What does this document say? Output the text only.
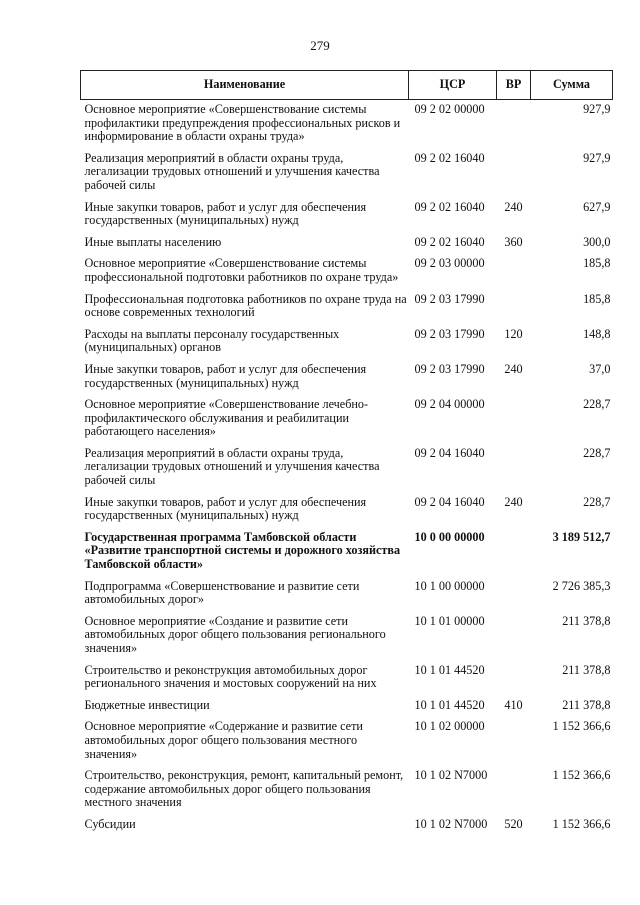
279
Наименование	ЦСР	ВР	Сумма
Основное мероприятие «Совершенствование системы профилактики предупреждения профессиональных рисков и информирование в области охраны труда»	09 2 02 00000		927,9
Реализация мероприятий в области охраны труда, легализации трудовых отношений и улучшения качества рабочей силы	09 2 02 16040		927,9
Иные закупки товаров, работ и услуг для обеспечения государственных (муниципальных) нужд	09 2 02 16040	240	627,9
Иные выплаты населению	09 2 02 16040	360	300,0
Основное мероприятие «Совершенствование системы профессиональной подготовки работников по охране труда»	09 2 03 00000		185,8
Профессиональная подготовка работников по охране труда на основе современных технологий	09 2 03 17990		185,8
Расходы на выплаты персоналу государственных (муниципальных) органов	09 2 03 17990	120	148,8
Иные закупки товаров, работ и услуг для обеспечения государственных (муниципальных) нужд	09 2 03 17990	240	37,0
Основное мероприятие «Совершенствование лечебно-профилактического обслуживания и реабилитации работающего населения»	09 2 04 00000		228,7
Реализация мероприятий в области охраны труда, легализации трудовых отношений и улучшения качества рабочей силы	09 2 04 16040		228,7
Иные закупки товаров, работ и услуг для обеспечения государственных (муниципальных) нужд	09 2 04 16040	240	228,7
Государственная программа Тамбовской области «Развитие транспортной системы и дорожного хозяйства Тамбовской области»	10 0 00 00000		3 189 512,7
Подпрограмма «Совершенствование и развитие сети автомобильных дорог»	10 1 00 00000		2 726 385,3
Основное мероприятие «Создание и развитие сети автомобильных дорог общего пользования регионального значения»	10 1 01 00000		211 378,8
Строительство и реконструкция автомобильных дорог регионального значения и мостовых сооружений на них	10 1 01 44520		211 378,8
Бюджетные инвестиции	10 1 01 44520	410	211 378,8
Основное мероприятие «Содержание и развитие сети автомобильных дорог общего пользования местного значения»	10 1 02 00000		1 152 366,6
Строительство, реконструкция, ремонт, капитальный ремонт, содержание автомобильных дорог общего пользования местного значения	10 1 02 N7000		1 152 366,6
Субсидии	10 1 02 N7000	520	1 152 366,6
